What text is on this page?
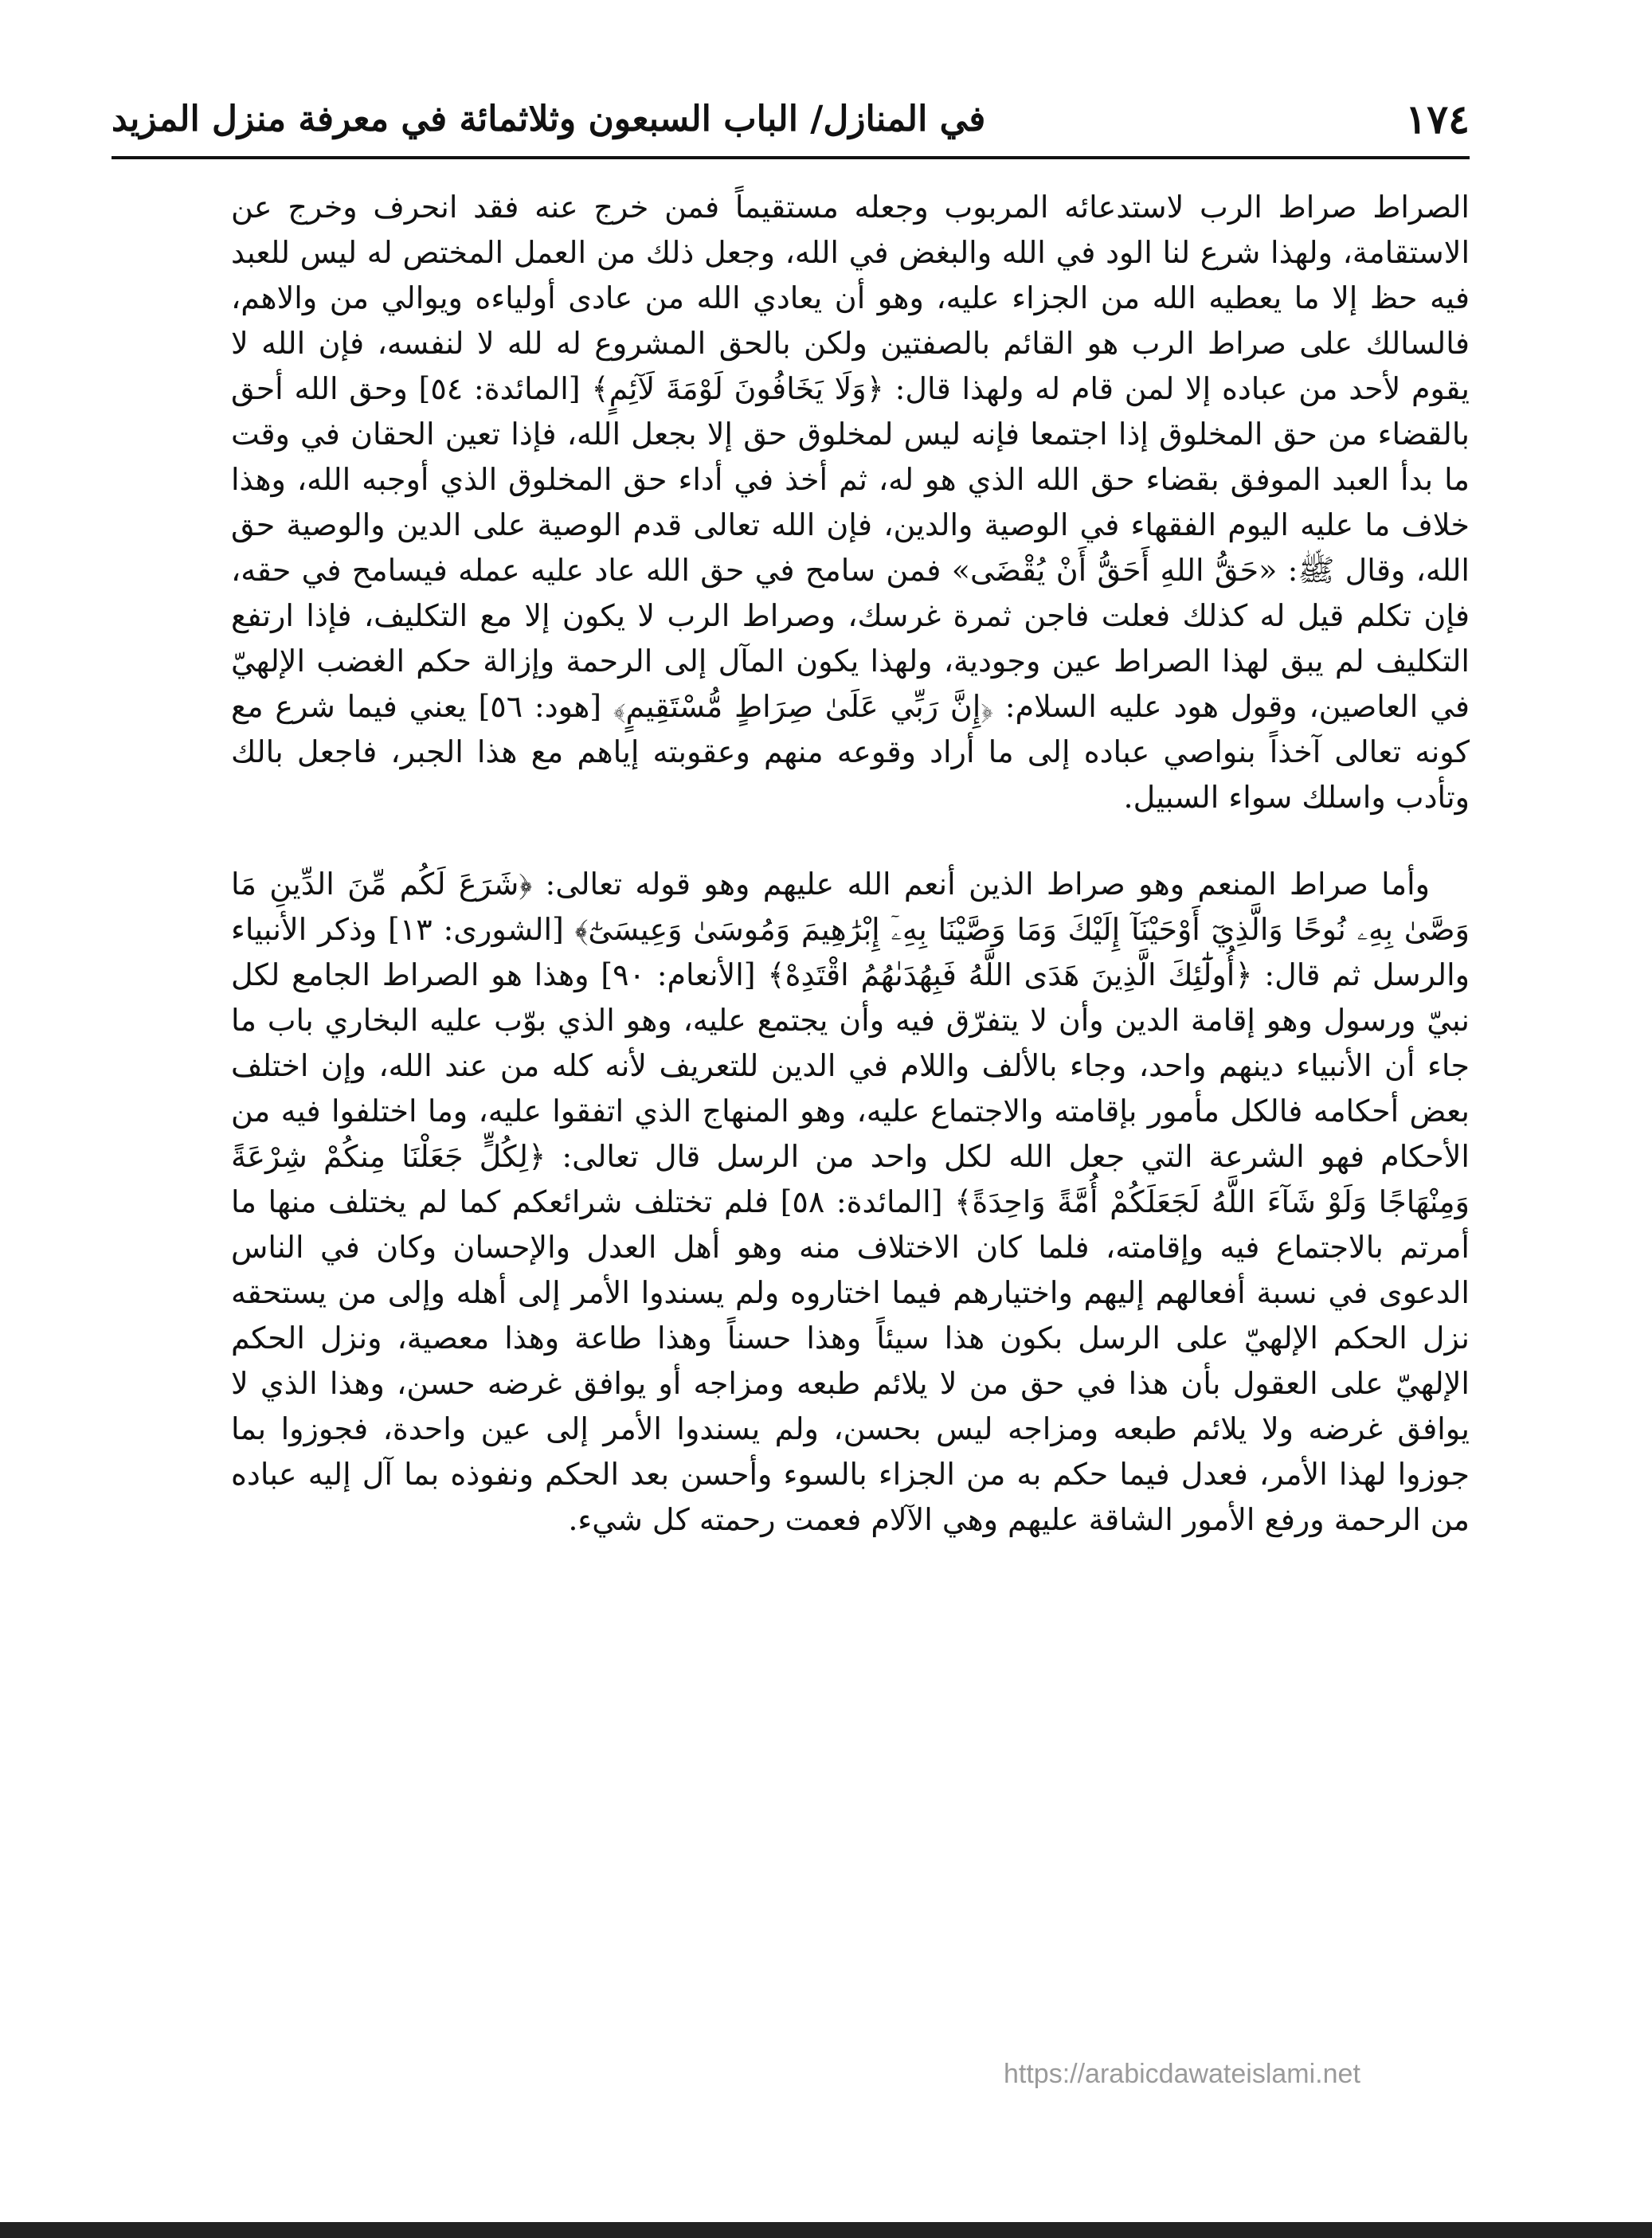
١٧٤
في المنازل/ الباب السبعون وثلاثمائة في معرفة منزل المزيد

الصراط صراط الرب لاستدعائه المربوب وجعله مستقيماً فمن خرج عنه فقد انحرف وخرج عن الاستقامة، ولهذا شرع لنا الود في الله والبغض في الله، وجعل ذلك من العمل المختص له ليس للعبد فيه حظ إلا ما يعطيه الله من الجزاء عليه، وهو أن يعادي الله من عادى أولياءه ويوالي من والاهم، فالسالك على صراط الرب هو القائم بالصفتين ولكن بالحق المشروع له لله لا لنفسه، فإن الله لا يقوم لأحد من عباده إلا لمن قام له ولهذا قال: ﴿وَلَا يَخَافُونَ لَوْمَةَ لَآئِمٍ﴾ [المائدة: ٥٤] وحق الله أحق بالقضاء من حق المخلوق إذا اجتمعا فإنه ليس لمخلوق حق إلا بجعل الله، فإذا تعين الحقان في وقت ما بدأ العبد الموفق بقضاء حق الله الذي هو له، ثم أخذ في أداء حق المخلوق الذي أوجبه الله، وهذا خلاف ما عليه اليوم الفقهاء في الوصية والدين، فإن الله تعالى قدم الوصية على الدين والوصية حق الله، وقال ﷺ: «حَقُّ اللهِ أَحَقُّ أَنْ يُقْضَى» فمن سامح في حق الله عاد عليه عمله فيسامح في حقه، فإن تكلم قيل له كذلك فعلت فاجن ثمرة غرسك، وصراط الرب لا يكون إلا مع التكليف، فإذا ارتفع التكليف لم يبق لهذا الصراط عين وجودية، ولهذا يكون المآل إلى الرحمة وإزالة حكم الغضب الإلهيّ في العاصين، وقول هود عليه السلام: ﴿إِنَّ رَبِّي عَلَىٰ صِرَاطٍ مُّسْتَقِيمٍ﴾ [هود: ٥٦] يعني فيما شرع مع كونه تعالى آخذاً بنواصي عباده إلى ما أراد وقوعه منهم وعقوبته إياهم مع هذا الجبر، فاجعل بالك وتأدب واسلك سواء السبيل.

وأما صراط المنعم وهو صراط الذين أنعم الله عليهم وهو قوله تعالى: ﴿شَرَعَ لَكُم مِّنَ الدِّينِ مَا وَصَّىٰ بِهِۦ نُوحًا وَالَّذِيٓ أَوْحَيْنَآ إِلَيْكَ وَمَا وَصَّيْنَا بِهِۦٓ إِبْرَٰهِيمَ وَمُوسَىٰ وَعِيسَىٰٓ﴾ [الشورى: ١٣] وذكر الأنبياء والرسل ثم قال: ﴿أُولَٰٓئِكَ الَّذِينَ هَدَى اللَّهُ فَبِهُدَىٰهُمُ اقْتَدِهْ﴾ [الأنعام: ٩٠] وهذا هو الصراط الجامع لكل نبيّ ورسول وهو إقامة الدين وأن لا يتفرّق فيه وأن يجتمع عليه، وهو الذي بوّب عليه البخاري باب ما جاء أن الأنبياء دينهم واحد، وجاء بالألف واللام في الدين للتعريف لأنه كله من عند الله، وإن اختلف بعض أحكامه فالكل مأمور بإقامته والاجتماع عليه، وهو المنهاج الذي اتفقوا عليه، وما اختلفوا فيه من الأحكام فهو الشرعة التي جعل الله لكل واحد من الرسل قال تعالى: ﴿لِكُلٍّ جَعَلْنَا مِنكُمْ شِرْعَةً وَمِنْهَاجًا وَلَوْ شَآءَ اللَّهُ لَجَعَلَكُمْ أُمَّةً وَاحِدَةً﴾ [المائدة: ٥٨] فلم تختلف شرائعكم كما لم يختلف منها ما أمرتم بالاجتماع فيه وإقامته، فلما كان الاختلاف منه وهو أهل العدل والإحسان وكان في الناس الدعوى في نسبة أفعالهم إليهم واختيارهم فيما اختاروه ولم يسندوا الأمر إلى أهله وإلى من يستحقه نزل الحكم الإلهيّ على الرسل بكون هذا سيئاً وهذا حسناً وهذا طاعة وهذا معصية، ونزل الحكم الإلهيّ على العقول بأن هذا في حق من لا يلائم طبعه ومزاجه أو يوافق غرضه حسن، وهذا الذي لا يوافق غرضه ولا يلائم طبعه ومزاجه ليس بحسن، ولم يسندوا الأمر إلى عين واحدة، فجوزوا بما جوزوا لهذا الأمر، فعدل فيما حكم به من الجزاء بالسوء وأحسن بعد الحكم ونفوذه بما آل إليه عباده من الرحمة ورفع الأمور الشاقة عليهم وهي الآلام فعمت رحمته كل شيء.

https://arabicdawateislami.net
